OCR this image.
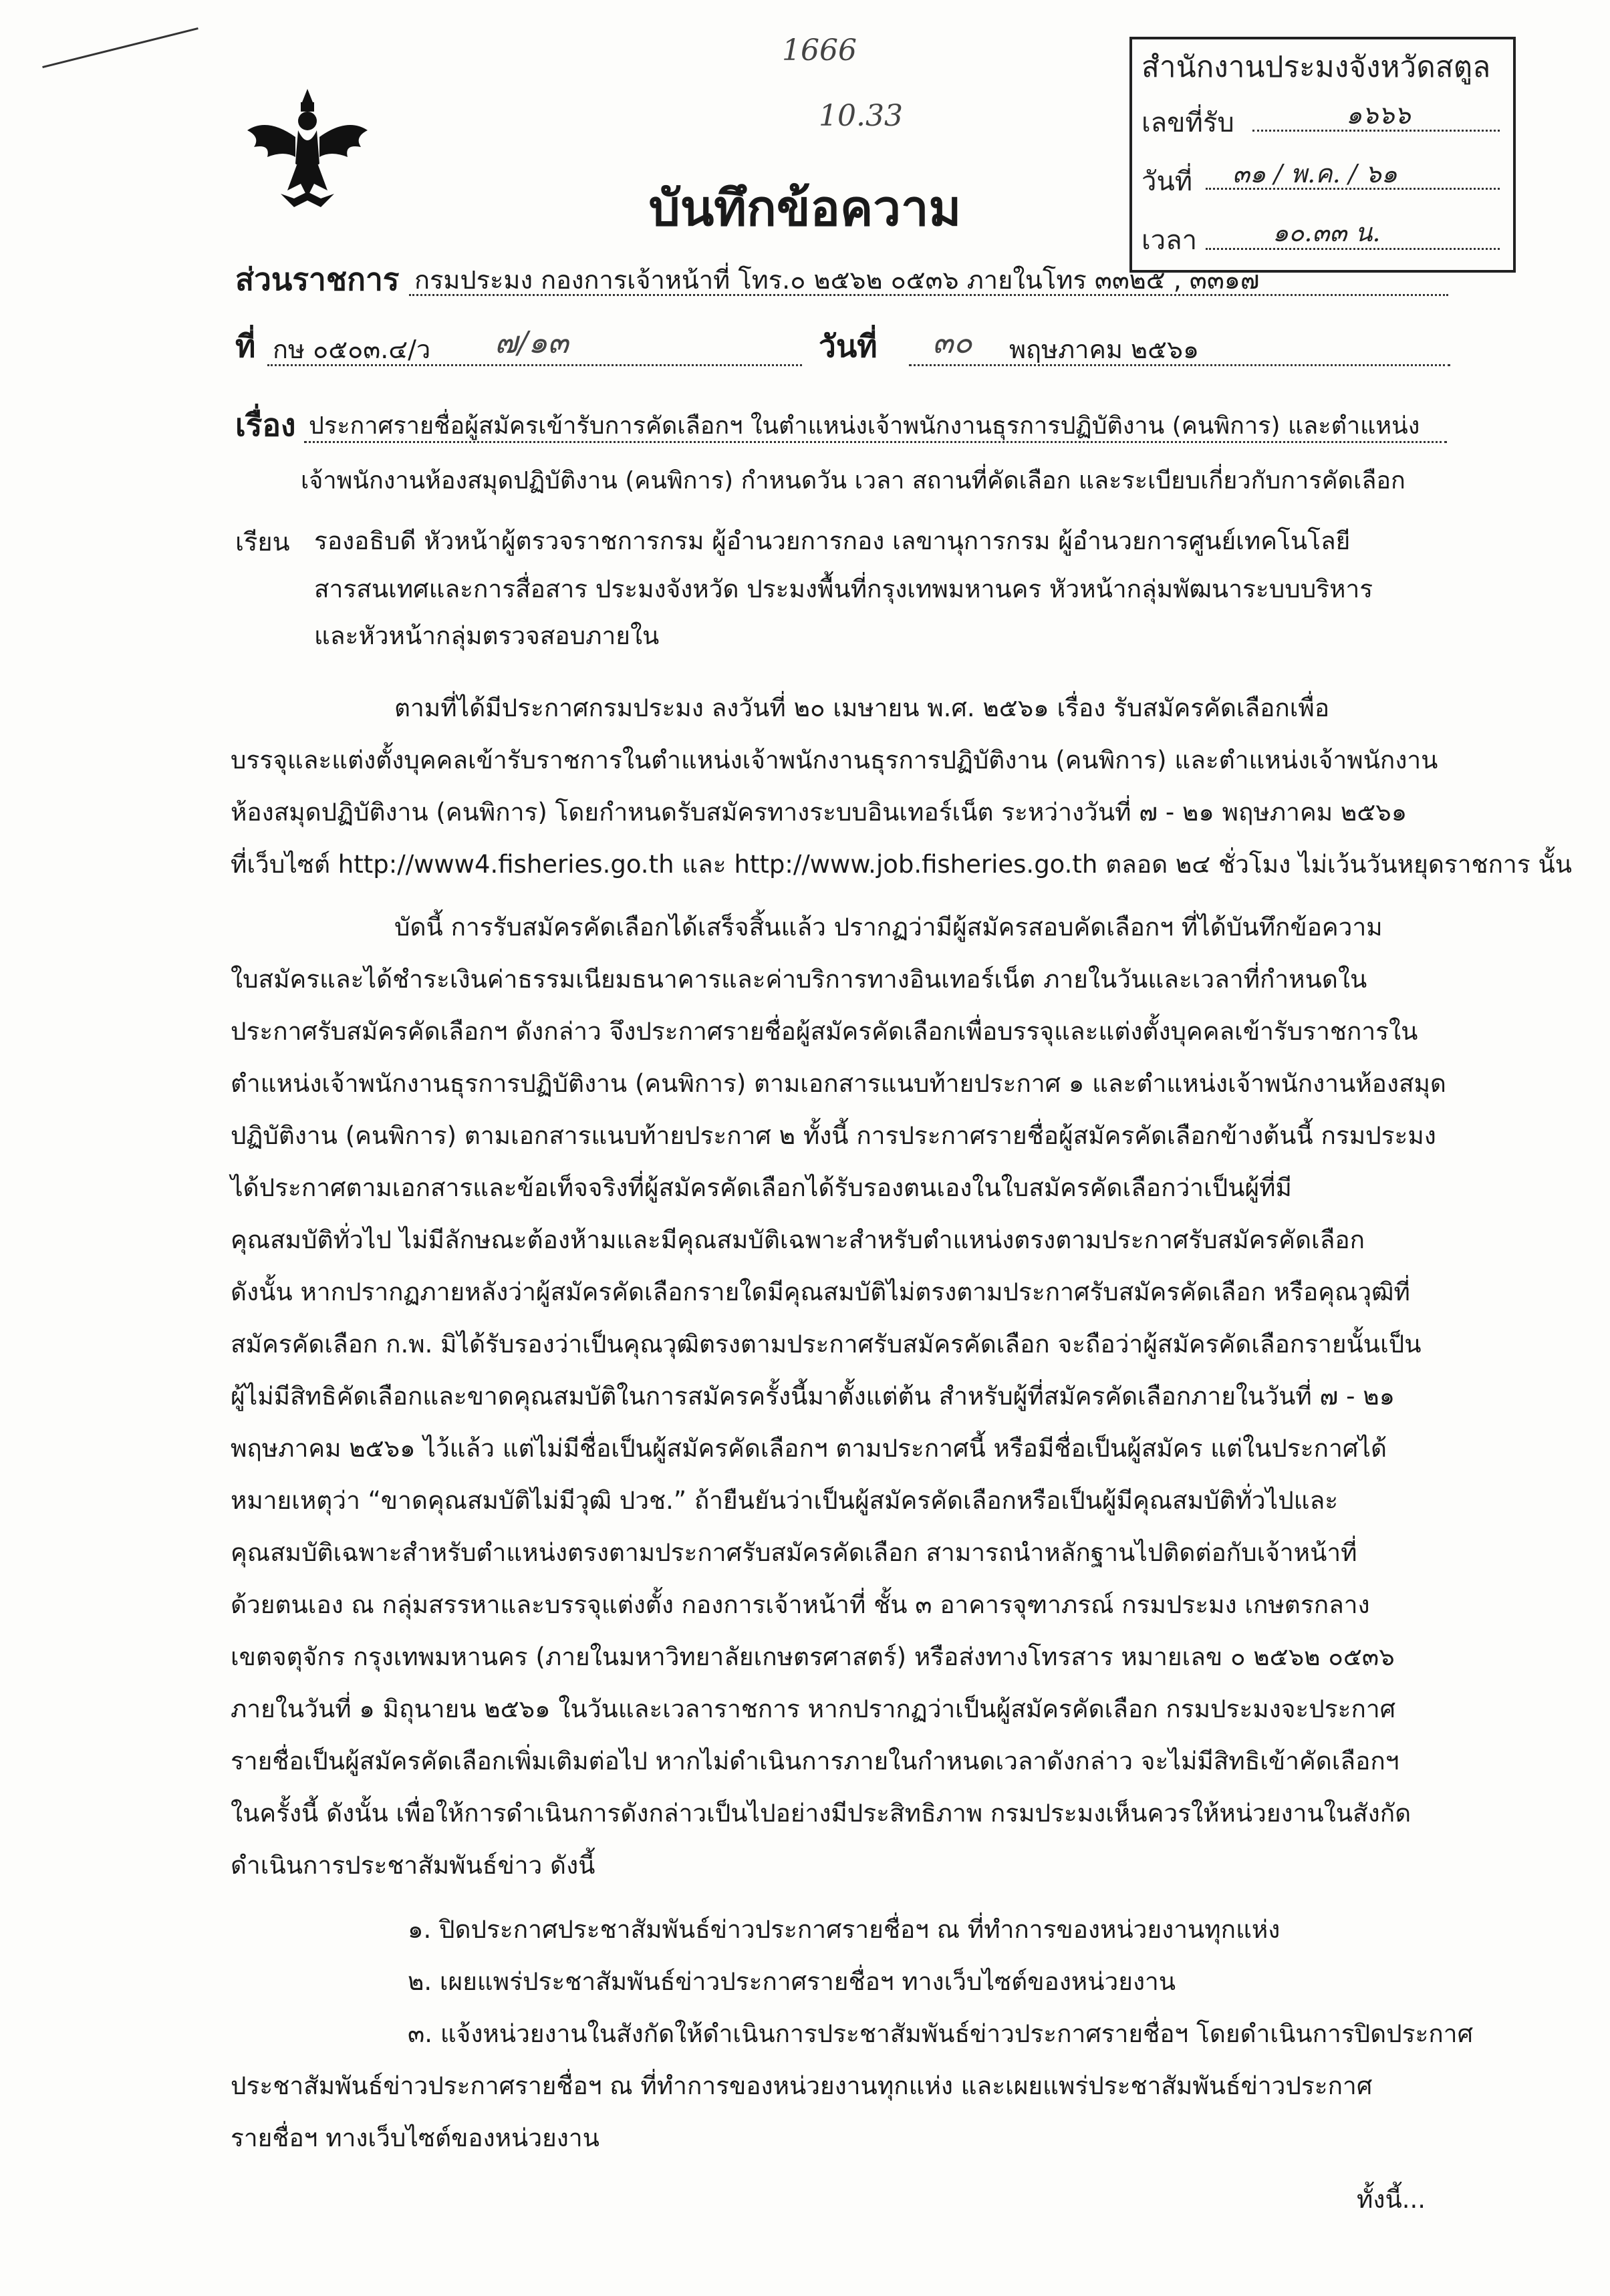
1666
10.33
สำนักงานประมงจังหวัดสตูล
เลขที่รับ	๑๖๖๖
วันที่ ๓๑ / พ.ค. / ๖๑
เวลา	๑๐.๓๓ น.
บันทึกข้อความ
ส่วนราชการ กรมประมง กองการเจ้าหน้าที่ โทร.๐ ๒๕๖๒ ๐๕๓๖ ภายในโทร ๓๓๒๕ , ๓๓๑๗
ที่ กษ ๐๕๐๓.๔/ว ๗/๑๓	วันที่ ๓๐ พฤษภาคม ๒๕๖๑
เรื่อง ประกาศรายชื่อผู้สมัครเข้ารับการคัดเลือกฯ ในตำแหน่งเจ้าพนักงานธุรการปฏิบัติงาน (คนพิการ) และตำแหน่ง
เจ้าพนักงานห้องสมุดปฏิบัติงาน (คนพิการ) กำหนดวัน เวลา สถานที่คัดเลือก และระเบียบเกี่ยวกับการคัดเลือก
เรียน รองอธิบดี หัวหน้าผู้ตรวจราชการกรม ผู้อำนวยการกอง เลขานุการกรม ผู้อำนวยการศูนย์เทคโนโลยี
สารสนเทศและการสื่อสาร ประมงจังหวัด ประมงพื้นที่กรุงเทพมหานคร หัวหน้ากลุ่มพัฒนาระบบบริหาร
และหัวหน้ากลุ่มตรวจสอบภายใน
ตามที่ได้มีประกาศกรมประมง ลงวันที่ ๒๐ เมษายน พ.ศ. ๒๕๖๑ เรื่อง รับสมัครคัดเลือกเพื่อ
บรรจุและแต่งตั้งบุคคลเข้ารับราชการในตำแหน่งเจ้าพนักงานธุรการปฏิบัติงาน (คนพิการ) และตำแหน่งเจ้าพนักงาน
ห้องสมุดปฏิบัติงาน (คนพิการ) โดยกำหนดรับสมัครทางระบบอินเทอร์เน็ต ระหว่างวันที่ ๗ - ๒๑ พฤษภาคม ๒๕๖๑
ที่เว็บไซต์ http://www4.fisheries.go.th และ http://www.job.fisheries.go.th ตลอด ๒๔ ชั่วโมง ไม่เว้นวันหยุดราชการ นั้น
บัดนี้ การรับสมัครคัดเลือกได้เสร็จสิ้นแล้ว ปรากฏว่ามีผู้สมัครสอบคัดเลือกฯ ที่ได้บันทึกข้อความ
ใบสมัครและได้ชำระเงินค่าธรรมเนียมธนาคารและค่าบริการทางอินเทอร์เน็ต ภายในวันและเวลาที่กำหนดใน
ประกาศรับสมัครคัดเลือกฯ ดังกล่าว จึงประกาศรายชื่อผู้สมัครคัดเลือกเพื่อบรรจุและแต่งตั้งบุคคลเข้ารับราชการใน
ตำแหน่งเจ้าพนักงานธุรการปฏิบัติงาน (คนพิการ) ตามเอกสารแนบท้ายประกาศ ๑ และตำแหน่งเจ้าพนักงานห้องสมุด
ปฏิบัติงาน (คนพิการ) ตามเอกสารแนบท้ายประกาศ ๒ ทั้งนี้ การประกาศรายชื่อผู้สมัครคัดเลือกข้างต้นนี้ กรมประมง
ได้ประกาศตามเอกสารและข้อเท็จจริงที่ผู้สมัครคัดเลือกได้รับรองตนเองในใบสมัครคัดเลือกว่าเป็นผู้ที่มี
คุณสมบัติทั่วไป ไม่มีลักษณะต้องห้ามและมีคุณสมบัติเฉพาะสำหรับตำแหน่งตรงตามประกาศรับสมัครคัดเลือก
ดังนั้น หากปรากฏภายหลังว่าผู้สมัครคัดเลือกรายใดมีคุณสมบัติไม่ตรงตามประกาศรับสมัครคัดเลือก หรือคุณวุฒิที่
สมัครคัดเลือก ก.พ. มิได้รับรองว่าเป็นคุณวุฒิตรงตามประกาศรับสมัครคัดเลือก จะถือว่าผู้สมัครคัดเลือกรายนั้นเป็น
ผู้ไม่มีสิทธิคัดเลือกและขาดคุณสมบัติในการสมัครครั้งนี้มาตั้งแต่ต้น สำหรับผู้ที่สมัครคัดเลือกภายในวันที่ ๗ - ๒๑
พฤษภาคม ๒๕๖๑ ไว้แล้ว แต่ไม่มีชื่อเป็นผู้สมัครคัดเลือกฯ ตามประกาศนี้ หรือมีชื่อเป็นผู้สมัคร แต่ในประกาศได้
หมายเหตุว่า “ขาดคุณสมบัติไม่มีวุฒิ ปวช.” ถ้ายืนยันว่าเป็นผู้สมัครคัดเลือกหรือเป็นผู้มีคุณสมบัติทั่วไปและ
คุณสมบัติเฉพาะสำหรับตำแหน่งตรงตามประกาศรับสมัครคัดเลือก สามารถนำหลักฐานไปติดต่อกับเจ้าหน้าที่
ด้วยตนเอง ณ กลุ่มสรรหาและบรรจุแต่งตั้ง กองการเจ้าหน้าที่ ชั้น ๓ อาคารจุฑาภรณ์ กรมประมง เกษตรกลาง
เขตจตุจักร กรุงเทพมหานคร (ภายในมหาวิทยาลัยเกษตรศาสตร์) หรือส่งทางโทรสาร หมายเลข ๐ ๒๕๖๒ ๐๕๓๖
ภายในวันที่ ๑ มิถุนายน ๒๕๖๑ ในวันและเวลาราชการ หากปรากฏว่าเป็นผู้สมัครคัดเลือก กรมประมงจะประกาศ
รายชื่อเป็นผู้สมัครคัดเลือกเพิ่มเติมต่อไป หากไม่ดำเนินการภายในกำหนดเวลาดังกล่าว จะไม่มีสิทธิเข้าคัดเลือกฯ
ในครั้งนี้ ดังนั้น เพื่อให้การดำเนินการดังกล่าวเป็นไปอย่างมีประสิทธิภาพ กรมประมงเห็นควรให้หน่วยงานในสังกัด
ดำเนินการประชาสัมพันธ์ข่าว ดังนี้
๑. ปิดประกาศประชาสัมพันธ์ข่าวประกาศรายชื่อฯ ณ ที่ทำการของหน่วยงานทุกแห่ง
๒. เผยแพร่ประชาสัมพันธ์ข่าวประกาศรายชื่อฯ ทางเว็บไซต์ของหน่วยงาน
๓. แจ้งหน่วยงานในสังกัดให้ดำเนินการประชาสัมพันธ์ข่าวประกาศรายชื่อฯ โดยดำเนินการปิดประกาศ
ประชาสัมพันธ์ข่าวประกาศรายชื่อฯ ณ ที่ทำการของหน่วยงานทุกแห่ง และเผยแพร่ประชาสัมพันธ์ข่าวประกาศ
รายชื่อฯ ทางเว็บไซต์ของหน่วยงาน
ทั้งนี้...
